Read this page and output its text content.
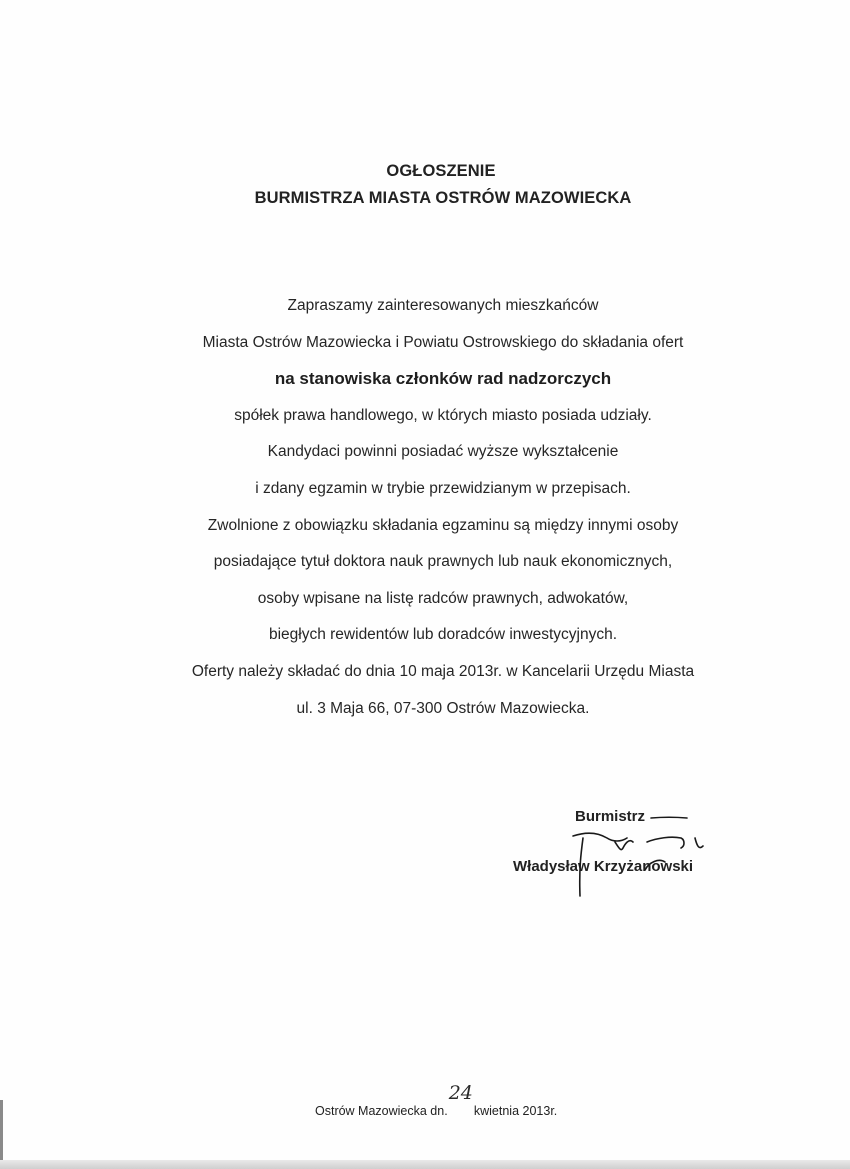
OGŁOSZENIE
BURMISTRZA MIASTA OSTRÓW MAZOWIECKA
Zapraszamy zainteresowanych mieszkańców
Miasta Ostrów Mazowiecka i Powiatu Ostrowskiego do składania ofert
na stanowiska członków rad nadzorczych
spółek prawa handlowego, w których miasto posiada udziały.
Kandydaci powinni posiadać wyższe wykształcenie
i zdany egzamin w trybie przewidzianym w przepisach.
Zwolnione z obowiązku składania egzaminu są między innymi osoby
posiadające tytuł doktora nauk prawnych lub nauk ekonomicznych,
osoby wpisane na listę radców prawnych, adwokatów,
biegłych rewidentów lub doradców inwestycyjnych.
Oferty należy składać do dnia 10 maja 2013r. w Kancelarii Urzędu Miasta
ul. 3 Maja 66, 07-300 Ostrów Mazowiecka.
Burmistrz
Władysław Krzyżanowski
Ostrów Mazowiecka dn.24kwietnia 2013r.
